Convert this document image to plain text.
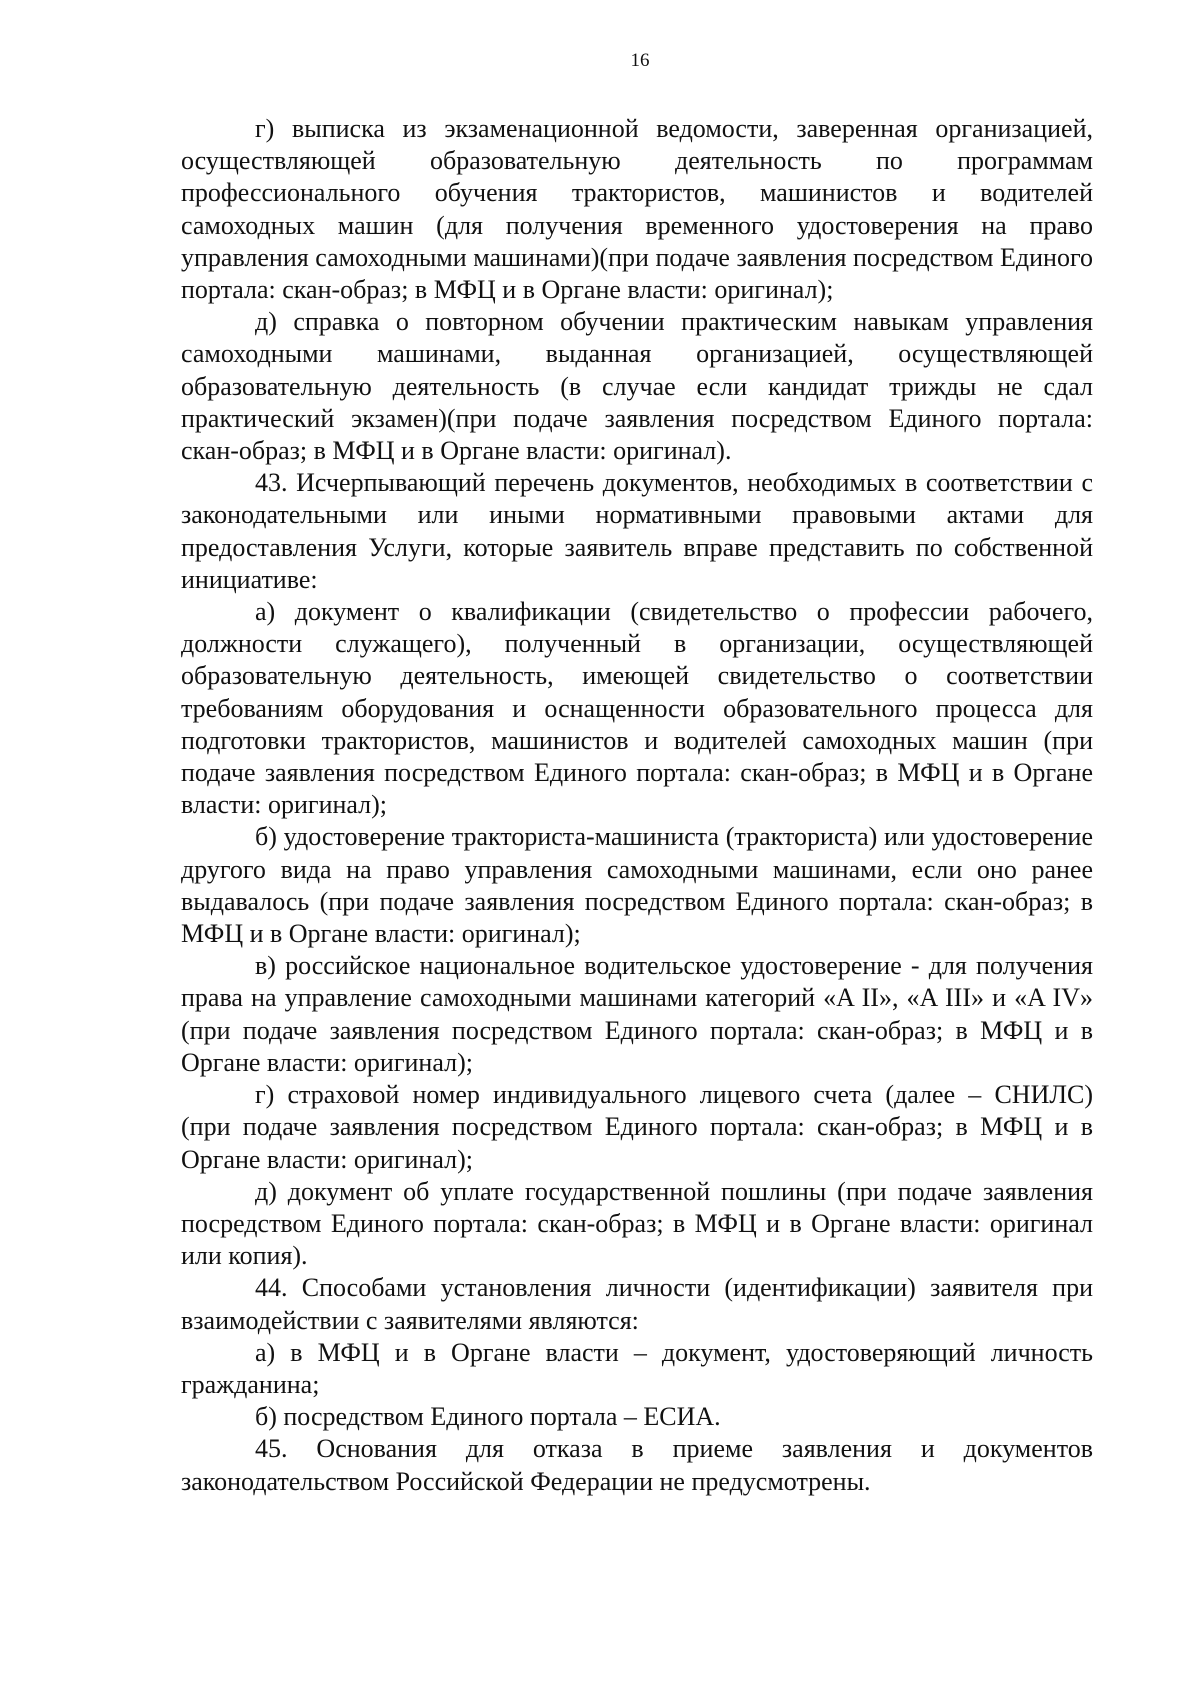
16

г) выписка из экзаменационной ведомости, заверенная организацией, осуществляющей образовательную деятельность по программам профессионального обучения трактористов, машинистов и водителей самоходных машин (для получения временного удостоверения на право управления самоходными машинами)(при подаче заявления посредством Единого портала: скан-образ; в МФЦ и в Органе власти: оригинал);

д) справка о повторном обучении практическим навыкам управления самоходными машинами, выданная организацией, осуществляющей образовательную деятельность (в случае если кандидат трижды не сдал практический экзамен)(при подаче заявления посредством Единого портала: скан-образ; в МФЦ и в Органе власти: оригинал).

43. Исчерпывающий перечень документов, необходимых в соответствии с законодательными или иными нормативными правовыми актами для предоставления Услуги, которые заявитель вправе представить по собственной инициативе:

а) документ о квалификации (свидетельство о профессии рабочего, должности служащего), полученный в организации, осуществляющей образовательную деятельность, имеющей свидетельство о соответствии требованиям оборудования и оснащенности образовательного процесса для подготовки трактористов, машинистов и водителей самоходных машин (при подаче заявления посредством Единого портала: скан-образ; в МФЦ и в Органе власти: оригинал);

б) удостоверение тракториста-машиниста (тракториста) или удостоверение другого вида на право управления самоходными машинами, если оно ранее выдавалось (при подаче заявления посредством Единого портала: скан-образ; в МФЦ и в Органе власти: оригинал);

в) российское национальное водительское удостоверение - для получения права на управление самоходными машинами категорий «A II», «A III» и «A IV» (при подаче заявления посредством Единого портала: скан-образ; в МФЦ и в Органе власти: оригинал);

г) страховой номер индивидуального лицевого счета (далее – СНИЛС) (при подаче заявления посредством Единого портала: скан-образ; в МФЦ и в Органе власти: оригинал);

д) документ об уплате государственной пошлины (при подаче заявления посредством Единого портала: скан-образ; в МФЦ и в Органе власти: оригинал или копия).

44. Способами установления личности (идентификации) заявителя при взаимодействии с заявителями являются:

а) в МФЦ и в Органе власти – документ, удостоверяющий личность гражданина;

б) посредством Единого портала – ЕСИА.

45. Основания для отказа в приеме заявления и документов законодательством Российской Федерации не предусмотрены.
